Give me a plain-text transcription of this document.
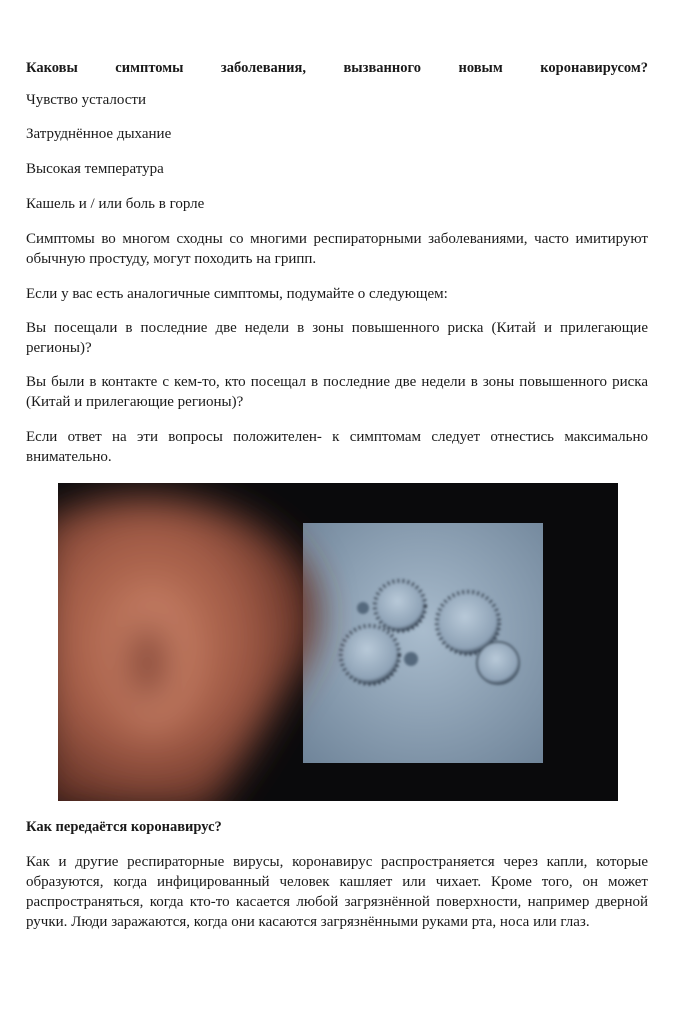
Каковы симптомы заболевания, вызванного новым коронавирусом?

Чувство усталости

Затруднённое дыхание

Высокая температура

Кашель и / или боль в горле

Симптомы во многом сходны со многими респираторными заболеваниями, часто имитируют обычную простуду, могут походить на грипп.

Если у вас есть аналогичные симптомы, подумайте о следующем:

Вы посещали в последние две недели в зоны повышенного риска (Китай и прилегающие регионы)?

Вы были в контакте с кем-то, кто посещал в последние две недели в зоны повышенного риска (Китай и прилегающие регионы)?

Если ответ на эти вопросы положителен- к симптомам следует отнестись максимально внимательно.

Как передаётся коронавирус?

Как и другие респираторные вирусы, коронавирус распространяется через капли, которые образуются, когда инфицированный человек кашляет или чихает. Кроме того, он может распространяться, когда кто-то касается любой загрязнённой поверхности, например дверной ручки. Люди заражаются, когда они касаются загрязнёнными руками рта, носа или глаз.
